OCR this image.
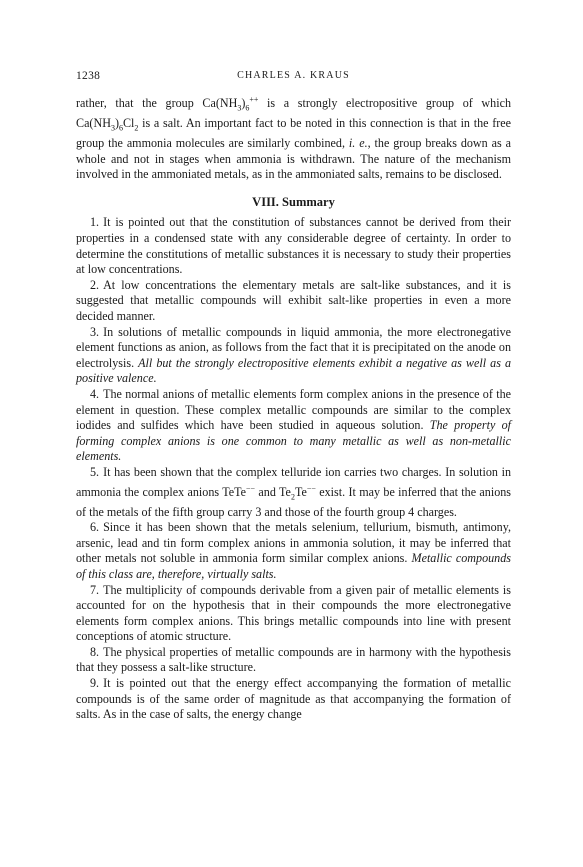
1238	CHARLES A. KRAUS

rather, that the group $Ca(NH_3)_6^{++}$ is a strongly electropositive group of which $Ca(NH_3)_6Cl_2$ is a salt. An important fact to be noted in this connection is that in the free group the ammonia molecules are similarly combined, i. e., the group breaks down as a whole and not in stages when ammonia is withdrawn. The nature of the mechanism involved in the ammoniated metals, as in the ammoniated salts, remains to be disclosed.

VIII. Summary

1. It is pointed out that the constitution of substances cannot be derived from their properties in a condensed state with any considerable degree of certainty. In order to determine the constitutions of metallic substances it is necessary to study their properties at low concentrations.

2. At low concentrations the elementary metals are salt-like substances, and it is suggested that metallic compounds will exhibit salt-like properties in even a more decided manner.

3. In solutions of metallic compounds in liquid ammonia, the more electronegative element functions as anion, as follows from the fact that it is precipitated on the anode on electrolysis. All but the strongly electropositive elements exhibit a negative as well as a positive valence.

4. The normal anions of metallic elements form complex anions in the presence of the element in question. These complex metallic compounds are similar to the complex iodides and sulfides which have been studied in aqueous solution. The property of forming complex anions is one common to many metallic as well as non-metallic elements.

5. It has been shown that the complex telluride ion carries two charges. In solution in ammonia the complex anions TeTe−− and $Te_2Te^{--}$ exist. It may be inferred that the anions of the metals of the fifth group carry 3 and those of the fourth group 4 charges.

6. Since it has been shown that the metals selenium, tellurium, bismuth, antimony, arsenic, lead and tin form complex anions in ammonia solution, it may be inferred that other metals not soluble in ammonia form similar complex anions. Metallic compounds of this class are, therefore, virtually salts.

7. The multiplicity of compounds derivable from a given pair of metallic elements is accounted for on the hypothesis that in their compounds the more electronegative elements form complex anions. This brings metallic compounds into line with present conceptions of atomic structure.

8. The physical properties of metallic compounds are in harmony with the hypothesis that they possess a salt-like structure.

9. It is pointed out that the energy effect accompanying the formation of metallic compounds is of the same order of magnitude as that accompanying the formation of salts. As in the case of salts, the energy change
